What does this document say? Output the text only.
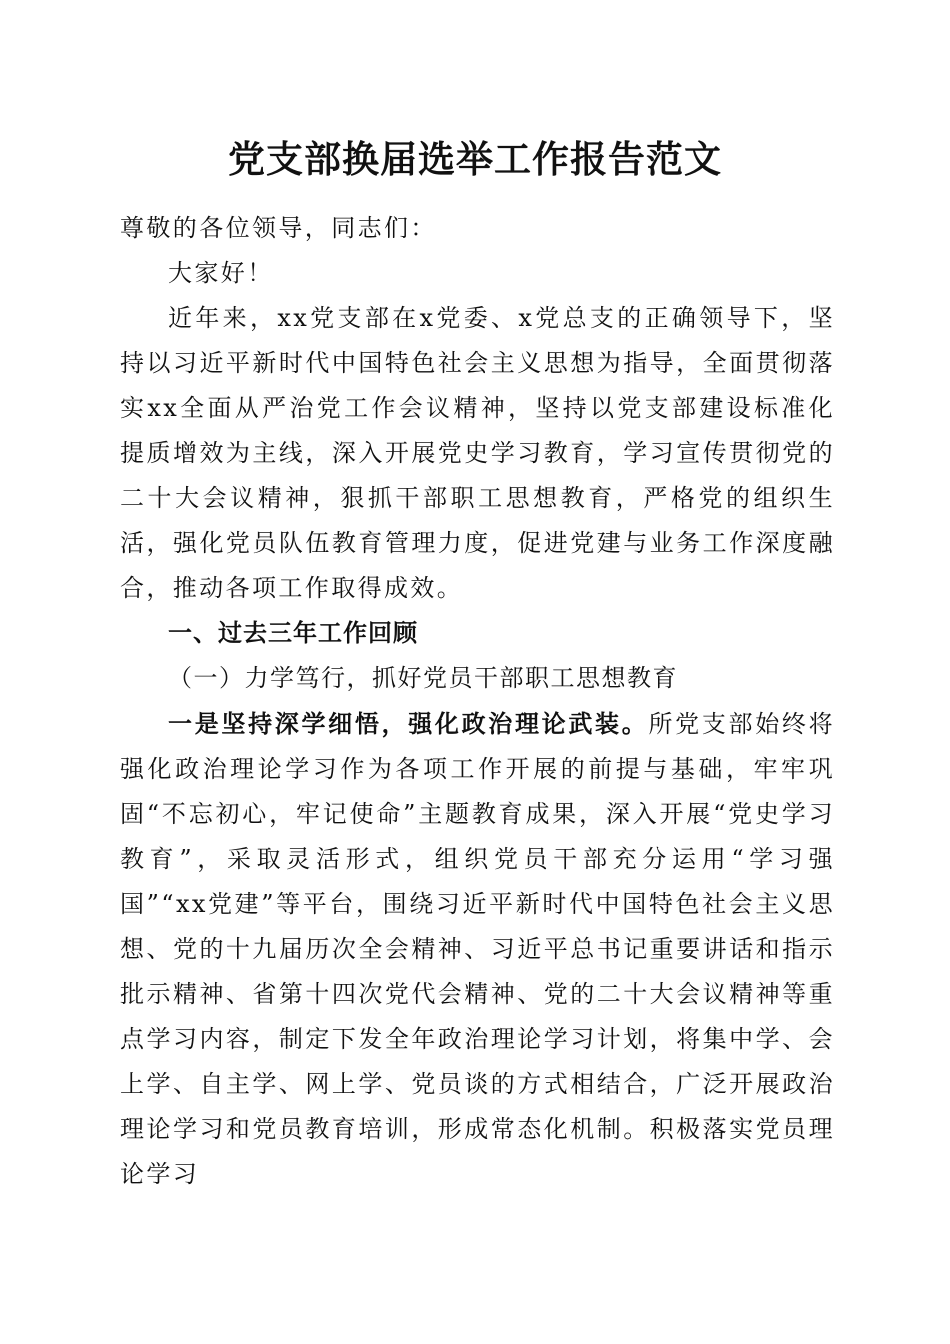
党支部换届选举工作报告范文

尊敬的各位领导，同志们：

大家好！

近年来，xx党支部在x党委、x党总支的正确领导下，坚持以习近平新时代中国特色社会主义思想为指导，全面贯彻落实xx全面从严治党工作会议精神，坚持以党支部建设标准化提质增效为主线，深入开展党史学习教育，学习宣传贯彻党的二十大会议精神，狠抓干部职工思想教育，严格党的组织生活，强化党员队伍教育管理力度，促进党建与业务工作深度融合，推动各项工作取得成效。

一、过去三年工作回顾

（一）力学笃行，抓好党员干部职工思想教育

一是坚持深学细悟，强化政治理论武装。所党支部始终将强化政治理论学习作为各项工作开展的前提与基础，牢牢巩固“不忘初心，牢记使命”主题教育成果，深入开展“党史学习教育”，采取灵活形式，组织党员干部充分运用“学习强国”“xx党建”等平台，围绕习近平新时代中国特色社会主义思想、党的十九届历次全会精神、习近平总书记重要讲话和指示批示精神、省第十四次党代会精神、党的二十大会议精神等重点学习内容，制定下发全年政治理论学习计划，将集中学、会上学、自主学、网上学、党员谈的方式相结合，广泛开展政治理论学习和党员教育培训，形成常态化机制。积极落实党员理论学习
